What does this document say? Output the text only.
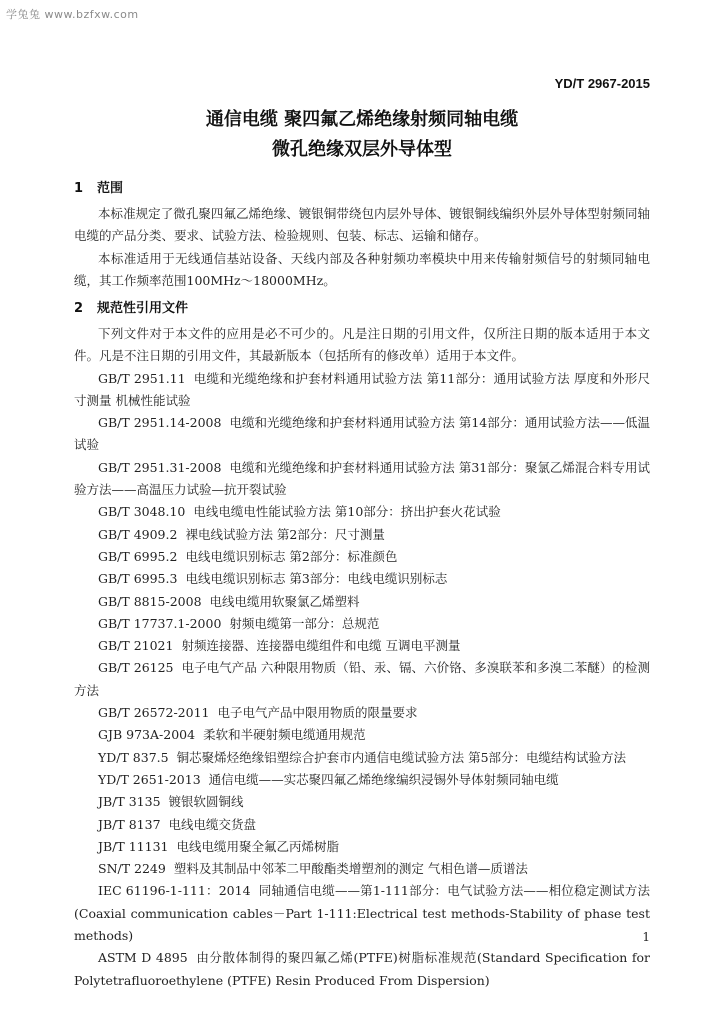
学兔兔 www.bzfxw.com
YD/T 2967-2015
通信电缆 聚四氟乙烯绝缘射频同轴电缆
微孔绝缘双层外导体型
1 范围

本标准规定了微孔聚四氟乙烯绝缘、镀银铜带绕包内层外导体、镀银铜线编织外层外导体型射频同轴电缆的产品分类、要求、试验方法、检验规则、包装、标志、运输和储存。

本标准适用于无线通信基站设备、天线内部及各种射频功率模块中用来传输射频信号的射频同轴电缆，其工作频率范围100MHz～18000MHz。

2 规范性引用文件

下列文件对于本文件的应用是必不可少的。凡是注日期的引用文件，仅所注日期的版本适用于本文件。凡是不注日期的引用文件，其最新版本（包括所有的修改单）适用于本文件。

GB/T 2951.11 电缆和光缆绝缘和护套材料通用试验方法 第11部分：通用试验方法 厚度和外形尺寸测量 机械性能试验

GB/T 2951.14-2008 电缆和光缆绝缘和护套材料通用试验方法 第14部分：通用试验方法——低温试验

GB/T 2951.31-2008 电缆和光缆绝缘和护套材料通用试验方法 第31部分：聚氯乙烯混合料专用试验方法——高温压力试验—抗开裂试验

GB/T 3048.10 电线电缆电性能试验方法 第10部分：挤出护套火花试验

GB/T 4909.2 裸电线试验方法 第2部分：尺寸测量

GB/T 6995.2 电线电缆识别标志 第2部分：标准颜色

GB/T 6995.3 电线电缆识别标志 第3部分：电线电缆识别标志

GB/T 8815-2008 电线电缆用软聚氯乙烯塑料

GB/T 17737.1-2000 射频电缆第一部分：总规范

GB/T 21021 射频连接器、连接器电缆组件和电缆 互调电平测量

GB/T 26125 电子电气产品 六种限用物质（铅、汞、镉、六价铬、多溴联苯和多溴二苯醚）的检测方法

GB/T 26572-2011 电子电气产品中限用物质的限量要求

GJB 973A-2004 柔软和半硬射频电缆通用规范

YD/T 837.5 铜芯聚烯烃绝缘铝塑综合护套市内通信电缆试验方法 第5部分：电缆结构试验方法

YD/T 2651-2013 通信电缆——实芯聚四氟乙烯绝缘编织浸锡外导体射频同轴电缆

JB/T 3135 镀银软圆铜线

JB/T 8137 电线电缆交货盘

JB/T 11131 电线电缆用聚全氟乙丙烯树脂

SN/T 2249 塑料及其制品中邻苯二甲酸酯类增塑剂的测定 气相色谱—质谱法

IEC 61196-1-111：2014 同轴通信电缆——第1-111部分：电气试验方法——相位稳定测试方法(Coaxial communication cables－Part 1-111:Electrical test methods-Stability of phase test methods)

ASTM D 4895 由分散体制得的聚四氟乙烯(PTFE)树脂标准规范(Standard Specification for Polytetrafluoroethylene (PTFE) Resin Produced From Dispersion)

1
